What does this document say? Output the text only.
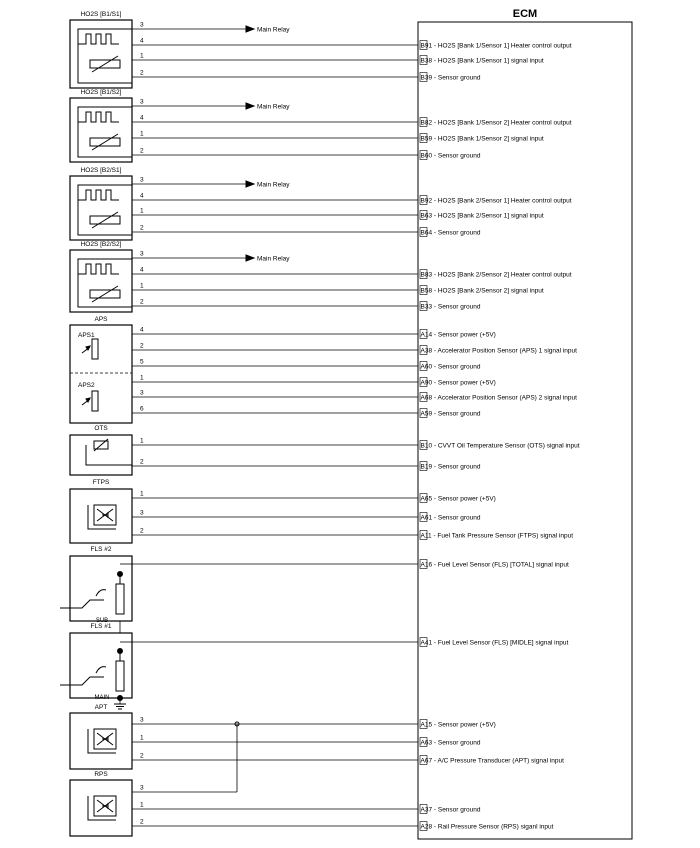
ECM
HO2S [B1/S1]
HO2S [B1/S2]
HO2S [B2/S1]
HO2S [B2/S2]
APS
OTS
FTPS
FLS #2
FLS #1
APT
RPS
APS1
APS2
SUB
MAIN
3
4
1
2
3
4
1
2
3
4
1
2
3
4
1
2
4
2
5
1
3
6
1
2
1
3
2
3
1
2
3
1
2
Main Relay
B91 - HO2S [Bank 1/Sensor 1] Heater control output
B38 - HO2S [Bank 1/Sensor 1] signal input
B39 - Sensor ground
Main Relay
B82 - HO2S [Bank 1/Sensor 2] Heater control output
B59 - HO2S [Bank 1/Sensor 2] signal input
B60 - Sensor ground
Main Relay
B92 - HO2S [Bank 2/Sensor 1] Heater control output
B63 - HO2S [Bank 2/Sensor 1] signal input
B64 - Sensor ground
Main Relay
B83 - HO2S [Bank 2/Sensor 2] Heater control output
B58 - HO2S [Bank 2/Sensor 2] signal input
B33 - Sensor ground
A14 - Sensor power (+5V)
A38 - Accelerator Position Sensor (APS) 1 signal input
A60 - Sensor ground
A90 - Sensor power (+5V)
A68 - Accelerator Position Sensor (APS) 2 signal input
A59 - Sensor ground
B10 - CVVT Oil Temperature Sensor (OTS) signal input
B19 - Sensor ground
A65 - Sensor power (+5V)
A61 - Sensor ground
A11 - Fuel Tank Pressure Sensor (FTPS) signal input
A16 - Fuel Level Sensor (FLS) [TOTAL] signal input
A41 - Fuel Level Sensor (FLS) [MIDLE] signal input
A15 - Sensor power (+5V)
A63 - Sensor ground
A67 - A/C Pressure Transducer (APT) signal input
A37 - Sensor ground
A28 - Rail Pressure Sensor (RPS) siganl input
